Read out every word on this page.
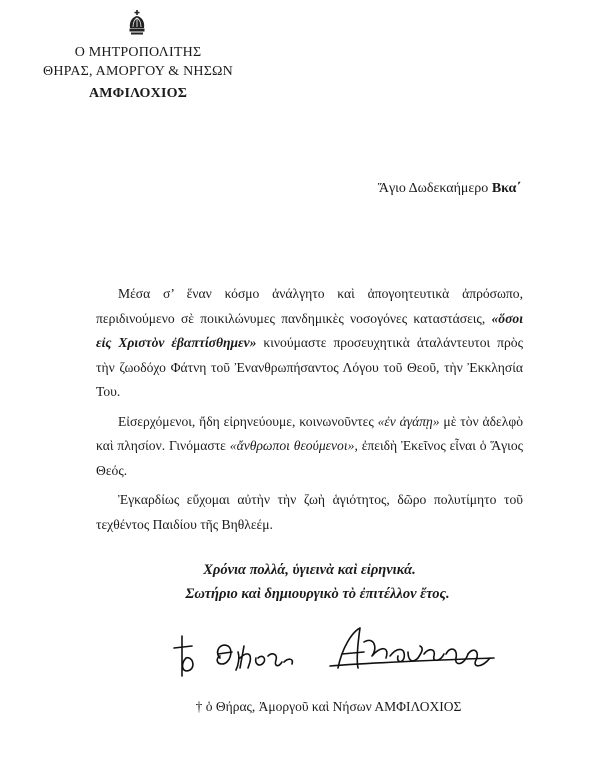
Ο ΜΗΤΡΟΠΟΛΙΤΗΣ
ΘΗΡΑΣ, ΑΜΟΡΓΟΥ & ΝΗΣΩΝ
ΑΜΦΙΛΟΧΙΟΣ
Ἅγιο Δωδεκαήμερο Βκα΄

Μέσα σ’ ἕναν κόσμο ἀνάλγητο καὶ ἀπογοητευτικὰ ἀπρόσωπο, περιδινούμενο σὲ ποικιλώνυμες πανδημικὲς νοσογόνες καταστάσεις, «ὅσοι εἰς Χριστὸν ἐβαπτίσθημεν» κινούμαστε προσευχητικὰ ἀταλάντευτοι πρὸς τὴν ζωοδόχο Φάτνη τοῦ Ἐνανθρωπήσαντος Λόγου τοῦ Θεοῦ, τὴν Ἐκκλησία Του.

Εἰσερχόμενοι, ἤδη εἰρηνεύουμε, κοινωνοῦντες «ἐν ἀγάπῃ» μὲ τὸν ἀδελφὸ καὶ πλησίον. Γινόμαστε «ἄνθρωποι θεούμενοι», ἐπειδὴ Ἐκεῖνος εἶναι ὁ Ἅγιος Θεός.

Ἐγκαρδίως εὔχομαι αὐτὴν τὴν ζωὴ ἁγιότητος, δῶρο πολυτίμητο τοῦ τεχθέντος Παιδίου τῆς Βηθλεέμ.

Χρόνια πολλά, ὑγιεινὰ καὶ εἰρηνικά.
Σωτήριο καὶ δημιουργικὸ τὸ ἐπιτέλλον ἔτος.
† ὁ Θήρας, Ἀμοργοῦ καὶ Νήσων ΑΜΦΙΛΟΧΙΟΣ
